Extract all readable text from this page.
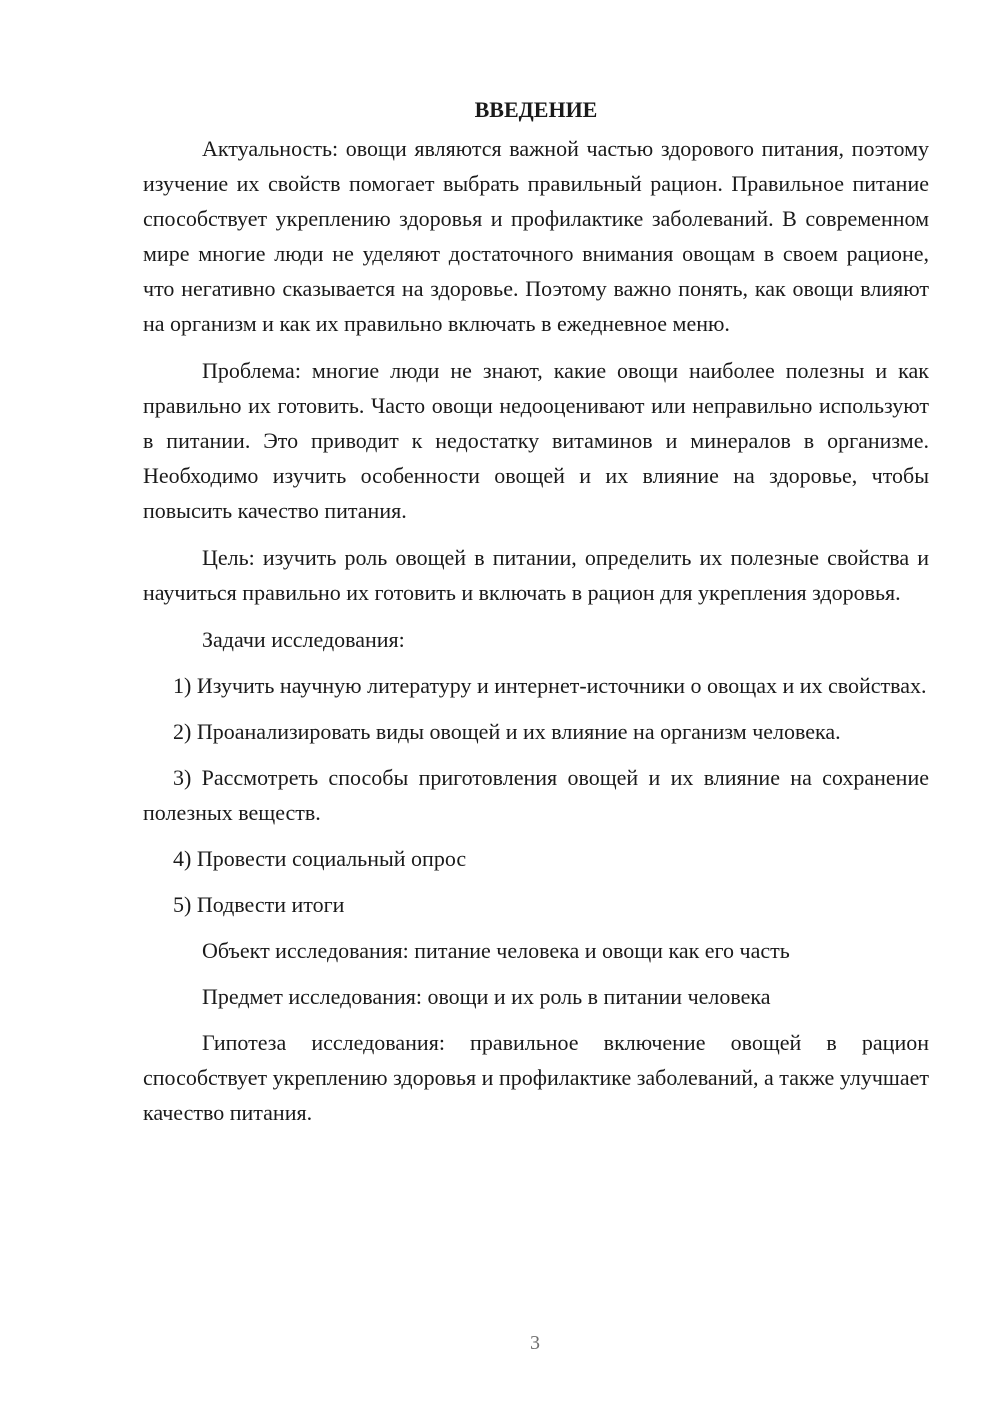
ВВЕДЕНИЕ

Актуальность: овощи являются важной частью здорового питания, поэтому изучение их свойств помогает выбрать правильный рацион. Правильное питание способствует укреплению здоровья и профилактике заболеваний. В современном мире многие люди не уделяют достаточного внимания овощам в своем рационе, что негативно сказывается на здоровье. Поэтому важно понять, как овощи влияют на организм и как их правильно включать в ежедневное меню.

Проблема: многие люди не знают, какие овощи наиболее полезны и как правильно их готовить. Часто овощи недооценивают или неправильно используют в питании. Это приводит к недостатку витаминов и минералов в организме. Необходимо изучить особенности овощей и их влияние на здоровье, чтобы повысить качество питания.

Цель: изучить роль овощей в питании, определить их полезные свойства и научиться правильно их готовить и включать в рацион для укрепления здоровья.

Задачи исследования:

1) Изучить научную литературу и интернет-источники о овощах и их свойствах.

2) Проанализировать виды овощей и их влияние на организм человека.

3) Рассмотреть способы приготовления овощей и их влияние на сохранение полезных веществ.

4) Провести социальный опрос

5) Подвести итоги

Объект исследования: питание человека и овощи как его часть

Предмет исследования: овощи и их роль в питании человека

Гипотеза исследования: правильное включение овощей в рацион способствует укреплению здоровья и профилактике заболеваний, а также улучшает качество питания.

3
